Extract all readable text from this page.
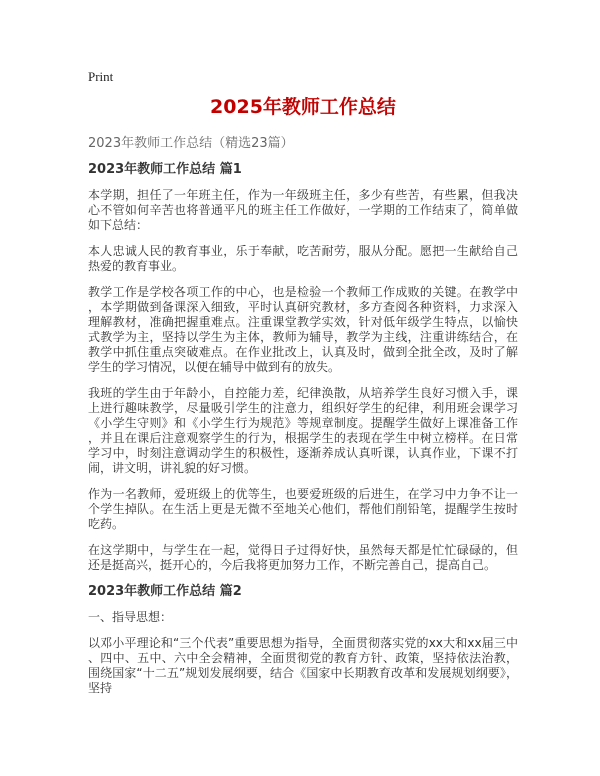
Print
2025年教师工作总结
2023年教师工作总结（精选23篇）
2023年教师工作总结 篇1

本学期，担任了一年班主任，作为一年级班主任，多少有些苦，有些累，但我决心不管如何辛苦也将普通平凡的班主任工作做好，一学期的工作结束了，简单做如下总结：

本人忠诚人民的教育事业，乐于奉献，吃苦耐劳，服从分配。愿把一生献给自己热爱的教育事业。

教学工作是学校各项工作的中心，也是检验一个教师工作成败的关键。在教学中，本学期做到备课深入细致，平时认真研究教材，多方查阅各种资料，力求深入理解教材，准确把握重难点。注重课堂教学实效，针对低年级学生特点，以愉快式教学为主，坚持以学生为主体，教师为辅导，教学为主线，注重讲练结合，在教学中抓住重点突破难点。在作业批改上，认真及时，做到全批全改，及时了解学生的学习情况，以便在辅导中做到有的放失。

我班的学生由于年龄小，自控能力差，纪律涣散，从培养学生良好习惯入手，课上进行趣味教学，尽量吸引学生的注意力，组织好学生的纪律，利用班会课学习《小学生守则》和《小学生行为规范》等规章制度。提醒学生做好上课准备工作，并且在课后注意观察学生的行为，根据学生的表现在学生中树立榜样。在日常学习中，时刻注意调动学生的积极性，逐渐养成认真听课，认真作业，下课不打闹，讲文明，讲礼貌的好习惯。

作为一名教师，爱班级上的优等生，也要爱班级的后进生，在学习中力争不让一个学生掉队。在生活上更是无微不至地关心他们，帮他们削铅笔，提醒学生按时吃药。

在这学期中，与学生在一起，觉得日子过得好快，虽然每天都是忙忙碌碌的，但还是挺高兴，挺开心的，今后我将更加努力工作，不断完善自己，提高自己。

2023年教师工作总结 篇2

一、指导思想：

以邓小平理论和“三个代表”重要思想为指导，全面贯彻落实党的xx大和xx届三中、四中、五中、六中全会精神，全面贯彻党的教育方针、政策，坚持依法治教，围绕国家“十二五”规划发展纲要，结合《国家中长期教育改革和发展规划纲要》，坚持
